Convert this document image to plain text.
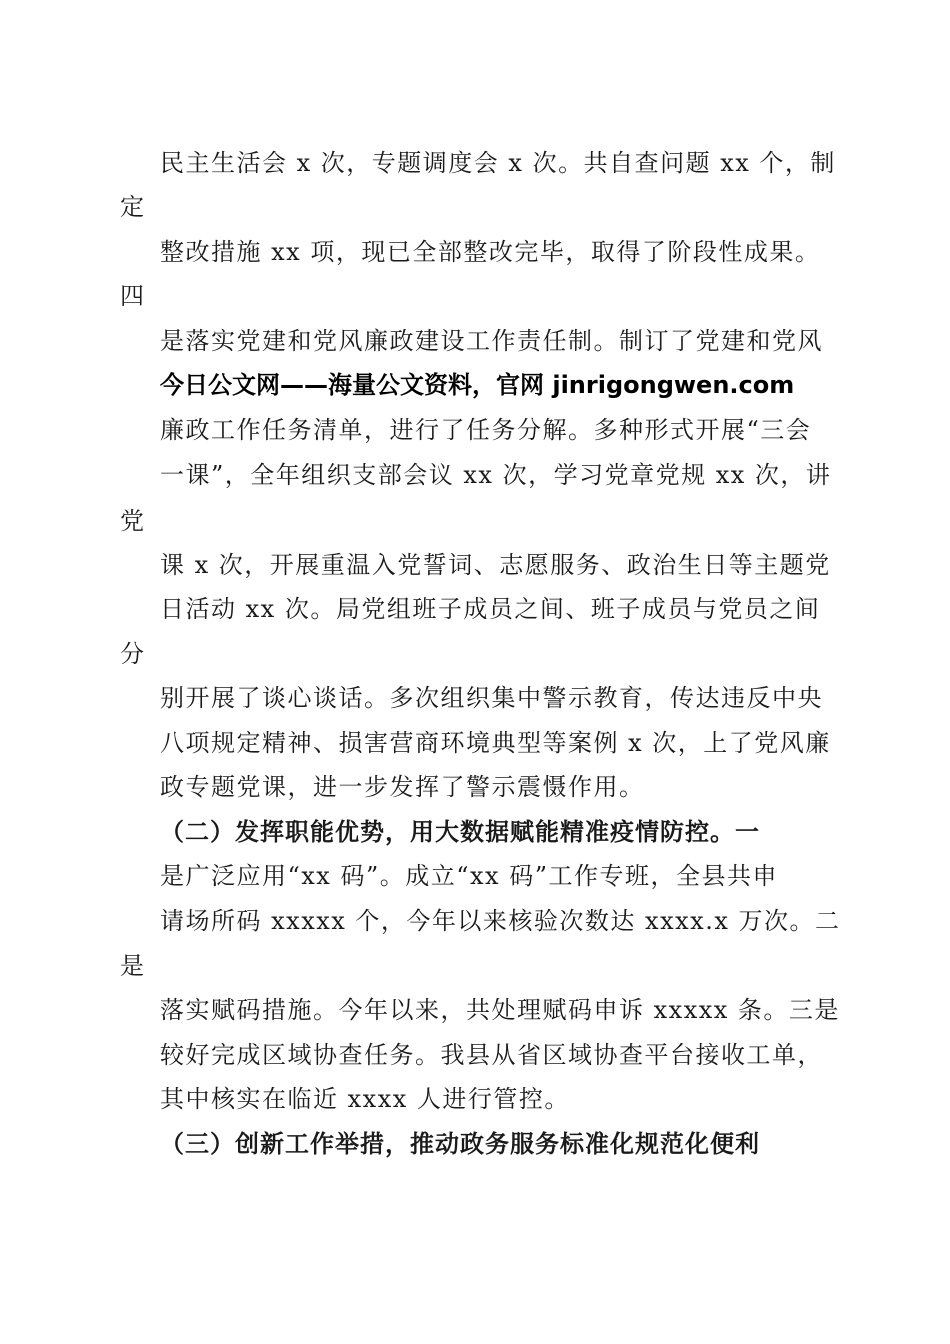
民主生活会 x 次，专题调度会 x 次。共自查问题 xx 个，制
定
整改措施 xx 项，现已全部整改完毕，取得了阶段性成果。
四
是落实党建和党风廉政建设工作责任制。制订了党建和党风
今日公文网——海量公文资料，官网 jinrigongwen.com
廉政工作任务清单，进行了任务分解。多种形式开展“三会
一课”，全年组织支部会议 xx 次，学习党章党规 xx 次，讲
党
课 x 次，开展重温入党誓词、志愿服务、政治生日等主题党
日活动 xx 次。局党组班子成员之间、班子成员与党员之间
分
别开展了谈心谈话。多次组织集中警示教育，传达违反中央
八项规定精神、损害营商环境典型等案例 x 次，上了党风廉
政专题党课，进一步发挥了警示震慑作用。
（二）发挥职能优势，用大数据赋能精准疫情防控。一
是广泛应用“xx 码”。成立“xx 码”工作专班，全县共申
请场所码 xxxxx 个，今年以来核验次数达 xxxx.x 万次。二
是
落实赋码措施。今年以来，共处理赋码申诉 xxxxx 条。三是
较好完成区域协查任务。我县从省区域协查平台接收工单，
其中核实在临近 xxxx 人进行管控。
（三）创新工作举措，推动政务服务标准化规范化便利
